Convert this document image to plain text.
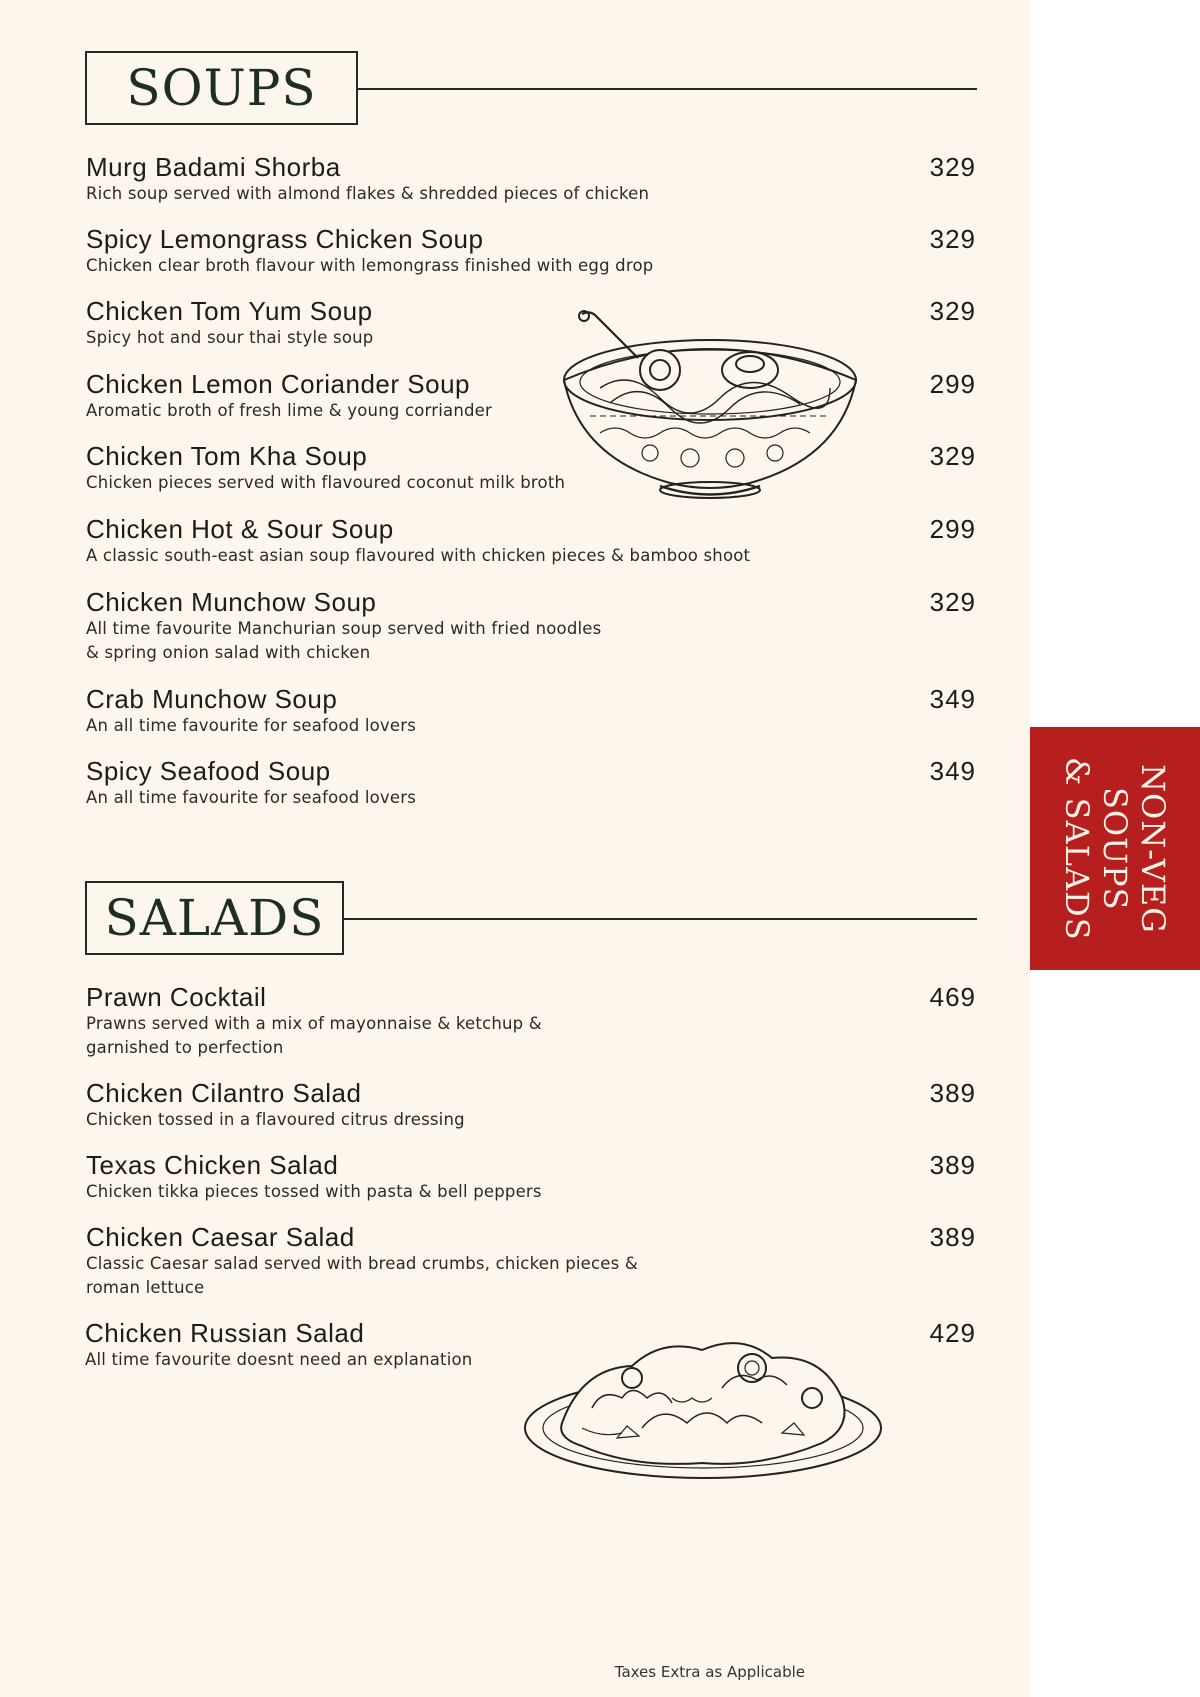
SOUPS
Murg Badami Shorba
Rich soup served with almond flakes & shredded pieces of chicken
329
Spicy Lemongrass Chicken Soup
Chicken clear broth flavour with lemongrass finished with egg drop
329
Chicken Tom Yum Soup
Spicy hot and sour thai style soup
329
Chicken Lemon Coriander Soup
Aromatic broth of fresh lime & young corriander
299
Chicken Tom Kha Soup
Chicken pieces served with flavoured coconut milk broth
329
Chicken Hot & Sour Soup
A classic south-east asian soup flavoured with chicken pieces & bamboo shoot
299
Chicken Munchow Soup
All time favourite Manchurian soup served with fried noodles & spring onion salad with chicken
329
Crab Munchow Soup
An all time favourite for seafood lovers
349
Spicy Seafood Soup
An all time favourite for seafood lovers
349
SALADS
Prawn Cocktail
Prawns served with a mix of mayonnaise & ketchup & garnished to perfection
469
Chicken Cilantro Salad
Chicken tossed in a flavoured citrus dressing
389
Texas Chicken Salad
Chicken tikka pieces tossed with pasta & bell peppers
389
Chicken Caesar Salad
Classic Caesar salad served with bread crumbs, chicken pieces & roman lettuce
389
Chicken Russian Salad
All time favourite doesnt need an explanation
429
Taxes Extra as Applicable
NON-VEG
SOUPS
& SALADS
